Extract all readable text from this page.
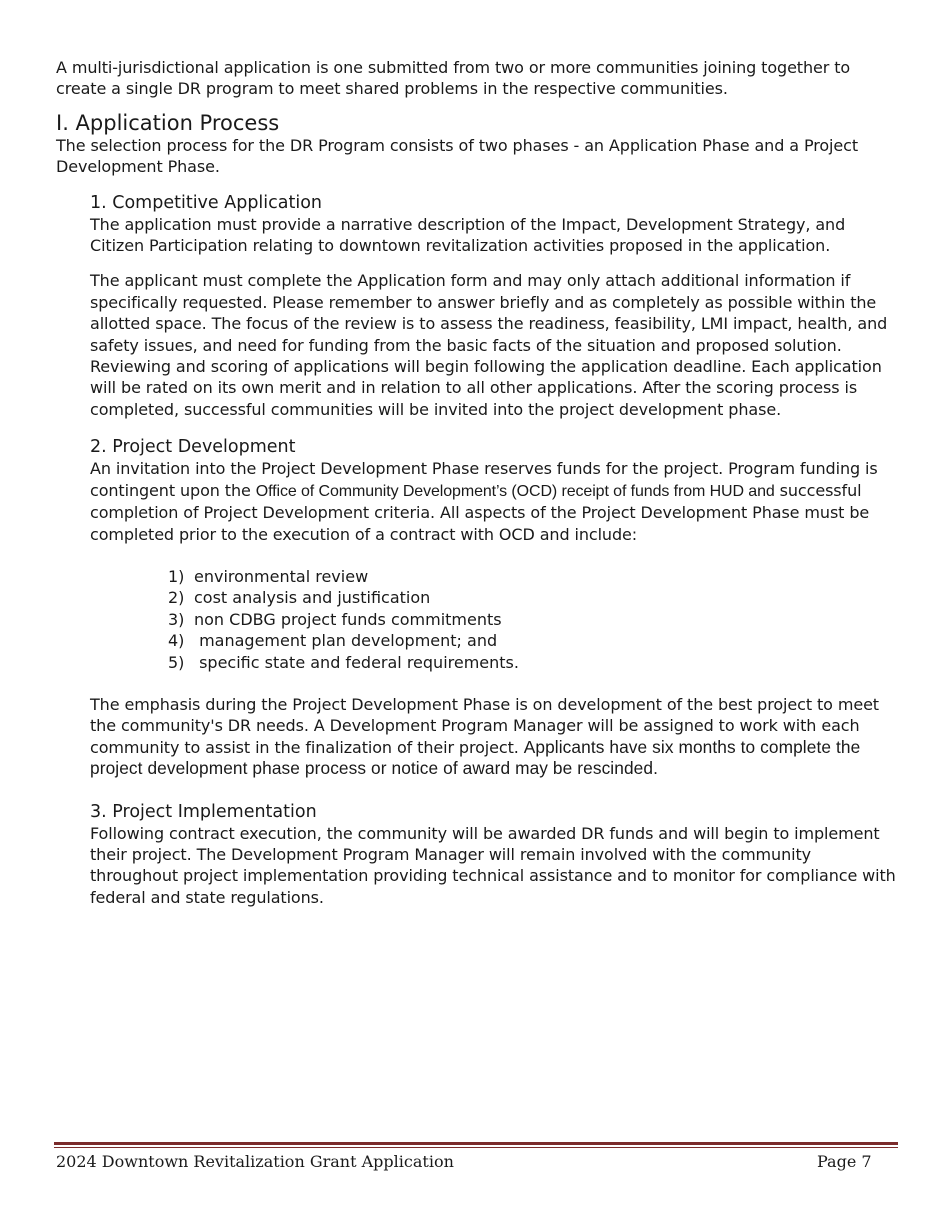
A multi-jurisdictional application is one submitted from two or more communities joining together to create a single DR program to meet shared problems in the respective communities.

I. Application Process

The selection process for the DR Program consists of two phases - an Application Phase and a Project Development Phase.

1. Competitive Application

The application must provide a narrative description of the Impact, Development Strategy, and Citizen Participation relating to downtown revitalization activities proposed in the application.

The applicant must complete the Application form and may only attach additional information if specifically requested. Please remember to answer briefly and as completely as possible within the allotted space. The focus of the review is to assess the readiness, feasibility, LMI impact, health, and safety issues, and need for funding from the basic facts of the situation and proposed solution. Reviewing and scoring of applications will begin following the application deadline. Each application will be rated on its own merit and in relation to all other applications. After the scoring process is completed, successful communities will be invited into the project development phase.

2. Project Development

An invitation into the Project Development Phase reserves funds for the project. Program funding is contingent upon the Office of Community Development’s (OCD) receipt of funds from HUD and successful completion of Project Development criteria. All aspects of the Project Development Phase must be completed prior to the execution of a contract with OCD and include:

1) environmental review
2) cost analysis and justification
3) non CDBG project funds commitments
4) management plan development; and
5) specific state and federal requirements.

The emphasis during the Project Development Phase is on development of the best project to meet the community's DR needs. A Development Program Manager will be assigned to work with each community to assist in the finalization of their project. Applicants have six months to complete the project development phase process or notice of award may be rescinded.

3. Project Implementation

Following contract execution, the community will be awarded DR funds and will begin to implement their project. The Development Program Manager will remain involved with the community throughout project implementation providing technical assistance and to monitor for compliance with federal and state regulations.

2024 Downtown Revitalization Grant Application	Page 7
